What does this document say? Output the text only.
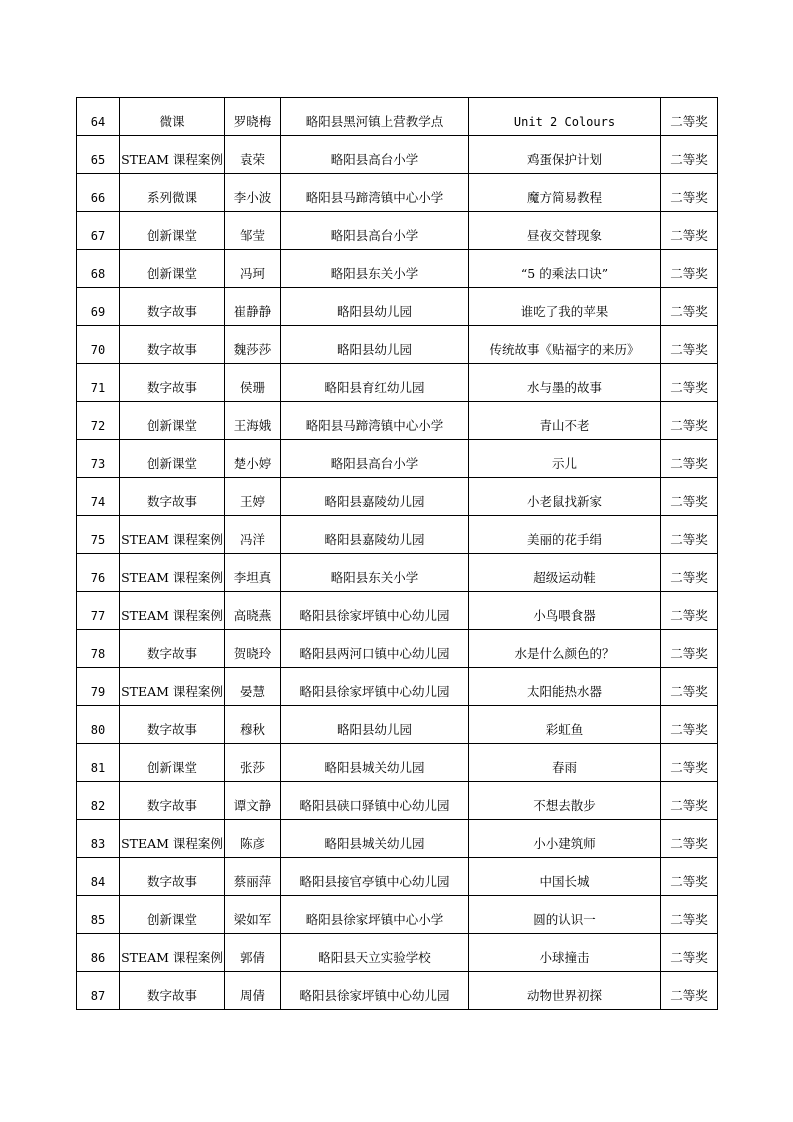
64	微课	罗晓梅	略阳县黑河镇上营教学点	Unit 2 Colours	二等奖
65	STEAM 课程案例	袁荣	略阳县高台小学	鸡蛋保护计划	二等奖
66	系列微课	李小波	略阳县马蹄湾镇中心小学	魔方简易教程	二等奖
67	创新课堂	邹莹	略阳县高台小学	昼夜交替现象	二等奖
68	创新课堂	冯珂	略阳县东关小学	“5 的乘法口诀”	二等奖
69	数字故事	崔静静	略阳县幼儿园	谁吃了我的苹果	二等奖
70	数字故事	魏莎莎	略阳县幼儿园	传统故事《贴福字的来历》	二等奖
71	数字故事	侯珊	略阳县育红幼儿园	水与墨的故事	二等奖
72	创新课堂	王海娥	略阳县马蹄湾镇中心小学	青山不老	二等奖
73	创新课堂	楚小婷	略阳县高台小学	示儿	二等奖
74	数字故事	王婷	略阳县嘉陵幼儿园	小老鼠找新家	二等奖
75	STEAM 课程案例	冯洋	略阳县嘉陵幼儿园	美丽的花手绢	二等奖
76	STEAM 课程案例	李坦真	略阳县东关小学	超级运动鞋	二等奖
77	STEAM 课程案例	高晓燕	略阳县徐家坪镇中心幼儿园	小鸟喂食器	二等奖
78	数字故事	贺晓玲	略阳县两河口镇中心幼儿园	水是什么颜色的？	二等奖
79	STEAM 课程案例	晏慧	略阳县徐家坪镇中心幼儿园	太阳能热水器	二等奖
80	数字故事	穆秋	略阳县幼儿园	彩虹鱼	二等奖
81	创新课堂	张莎	略阳县城关幼儿园	春雨	二等奖
82	数字故事	谭文静	略阳县硖口驿镇中心幼儿园	不想去散步	二等奖
83	STEAM 课程案例	陈彦	略阳县城关幼儿园	小小建筑师	二等奖
84	数字故事	蔡丽萍	略阳县接官亭镇中心幼儿园	中国长城	二等奖
85	创新课堂	梁如军	略阳县徐家坪镇中心小学	圆的认识一	二等奖
86	STEAM 课程案例	郭倩	略阳县天立实验学校	小球撞击	二等奖
87	数字故事	周倩	略阳县徐家坪镇中心幼儿园	动物世界初探	二等奖
